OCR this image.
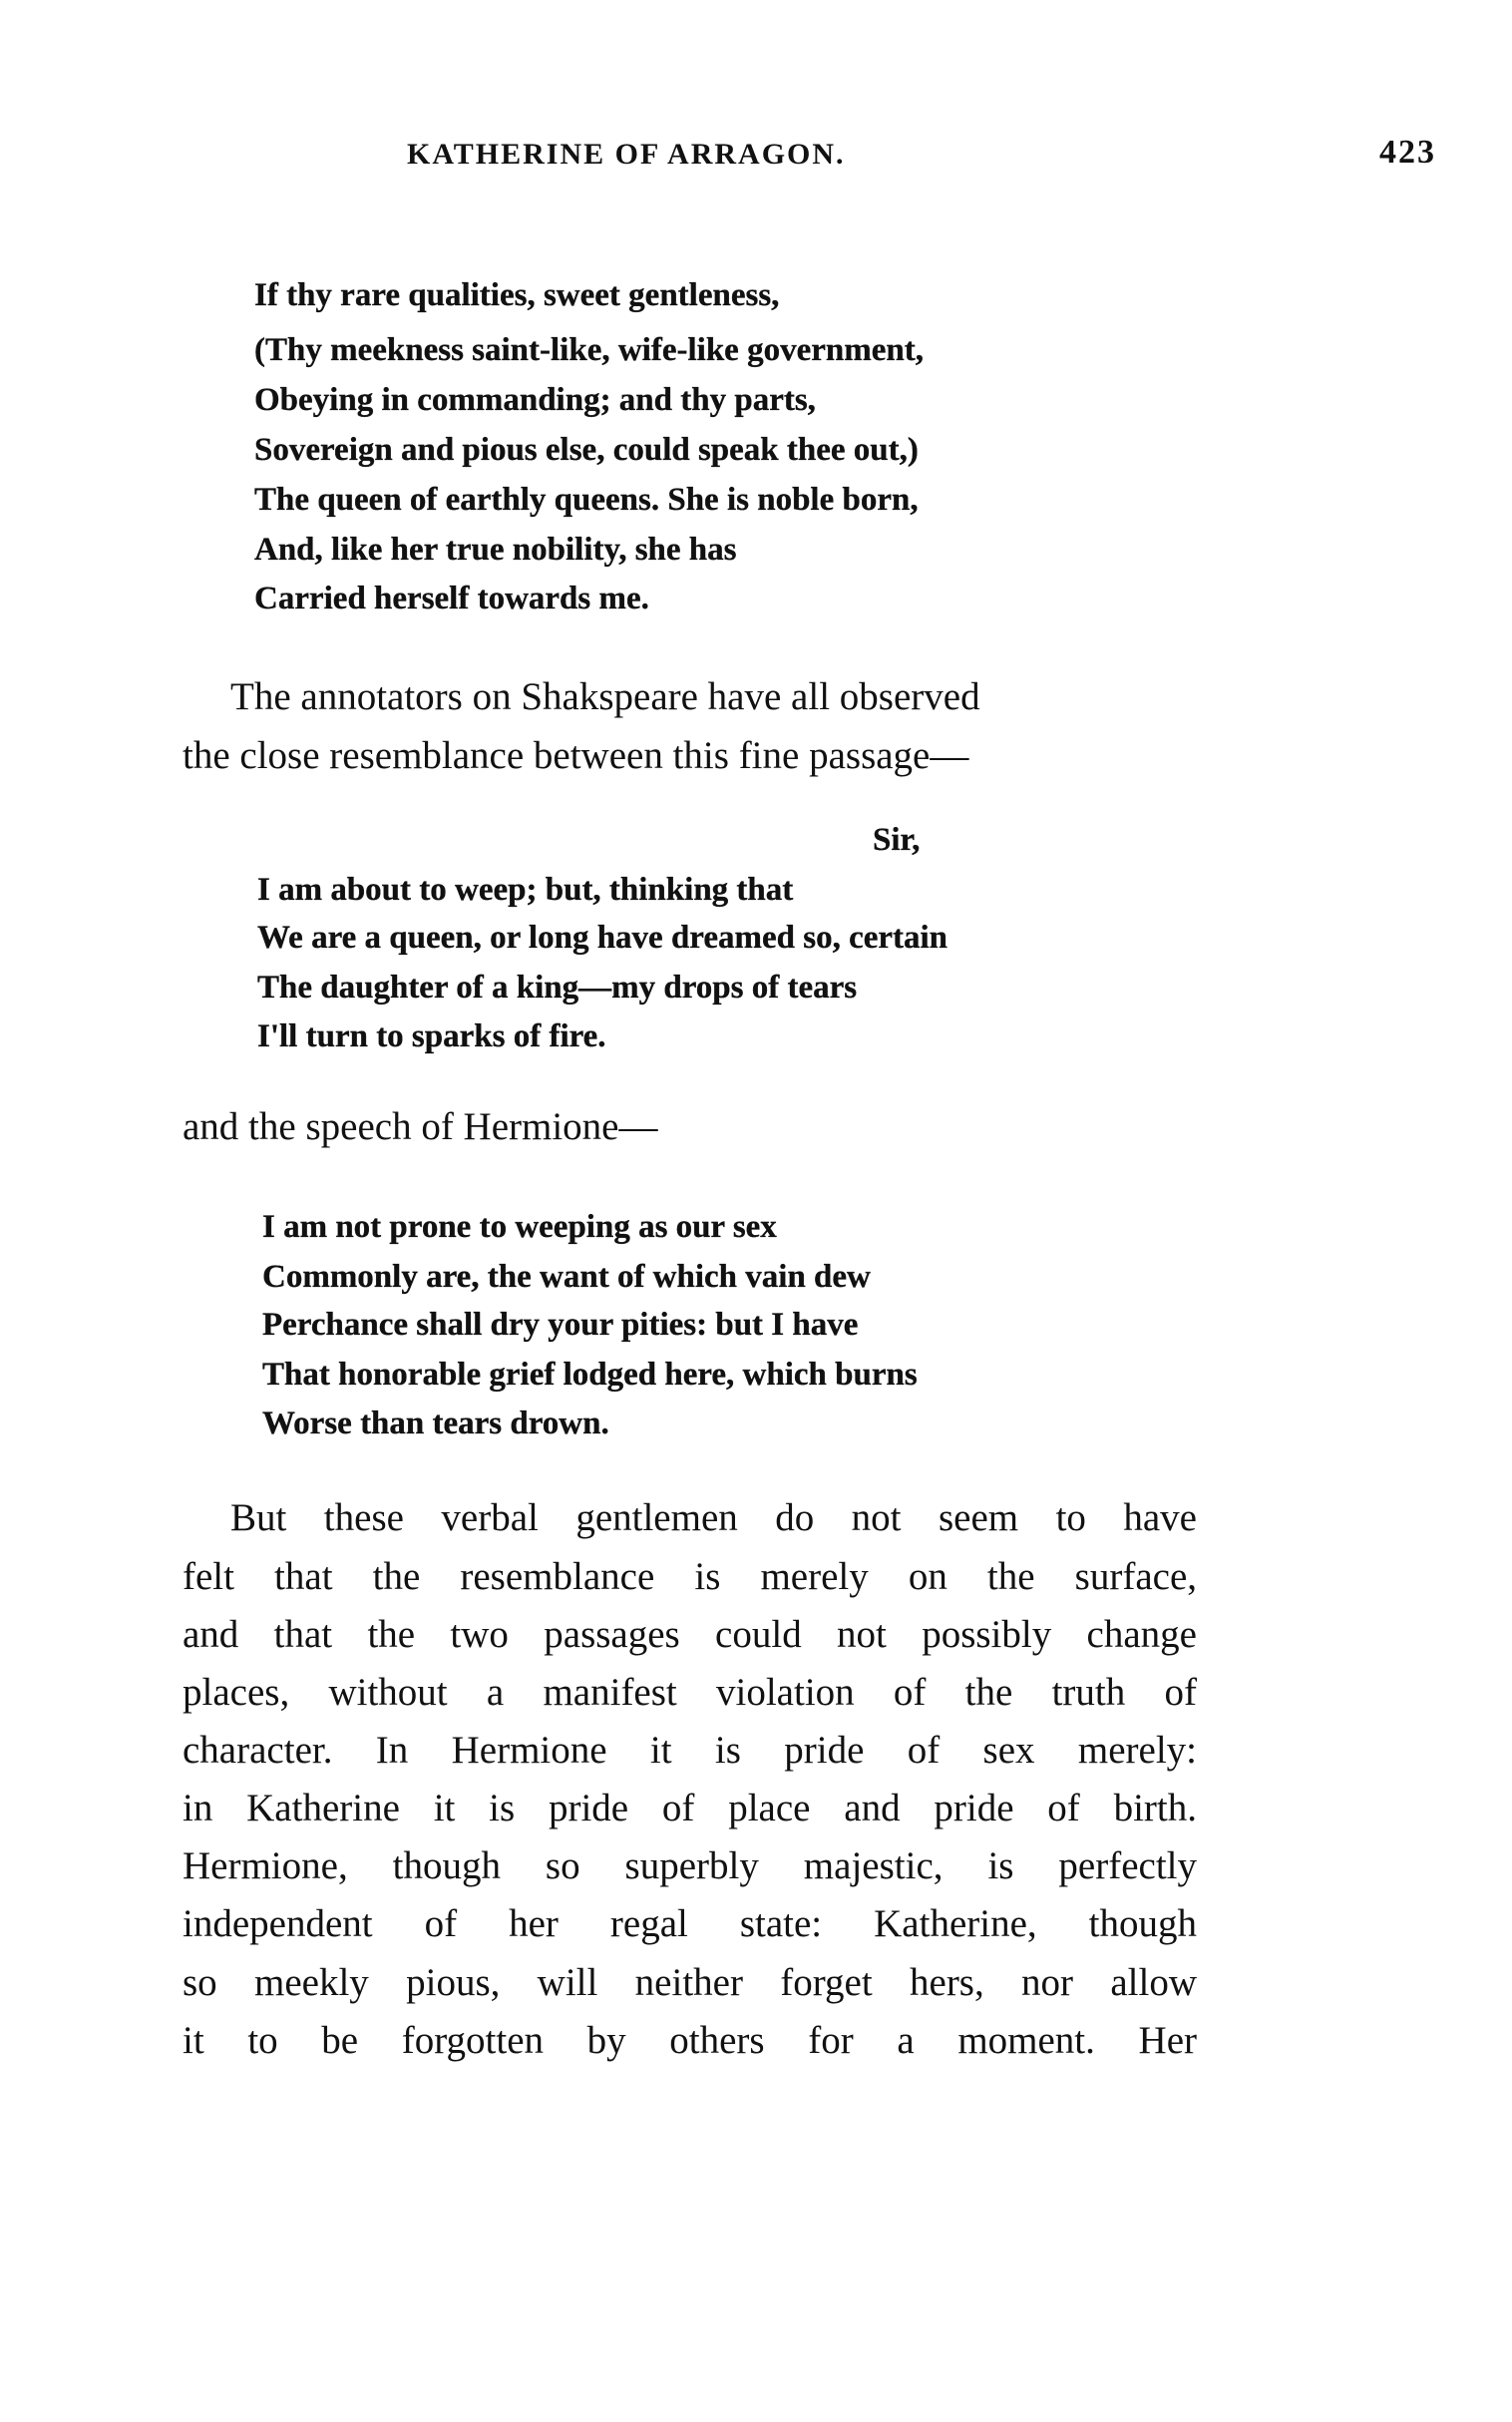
KATHERINE OF ARRAGON.	423
If thy rare qualities, sweet gentleness,
(Thy meekness saint-like, wife-like government,
Obeying in commanding; and thy parts,
Sovereign and pious else, could speak thee out,)
The queen of earthly queens. She is noble born,
And, like her true nobility, she has
Carried herself towards me.
The annotators on Shakspeare have all observed
the close resemblance between this fine passage—
Sir,
I am about to weep; but, thinking that
We are a queen, or long have dreamed so, certain
The daughter of a king—my drops of tears
I'll turn to sparks of fire.
and the speech of Hermione—
I am not prone to weeping as our sex
Commonly are, the want of which vain dew
Perchance shall dry your pities: but I have
That honorable grief lodged here, which burns
Worse than tears drown.
But these verbal gentlemen do not seem to have
felt that the resemblance is merely on the surface,
and that the two passages could not possibly change
places, without a manifest violation of the truth of
character. In Hermione it is pride of sex merely:
in Katherine it is pride of place and pride of birth.
Hermione, though so superbly majestic, is perfectly
independent of her regal state: Katherine, though
so meekly pious, will neither forget hers, nor allow
it to be forgotten by others for a moment. Her
